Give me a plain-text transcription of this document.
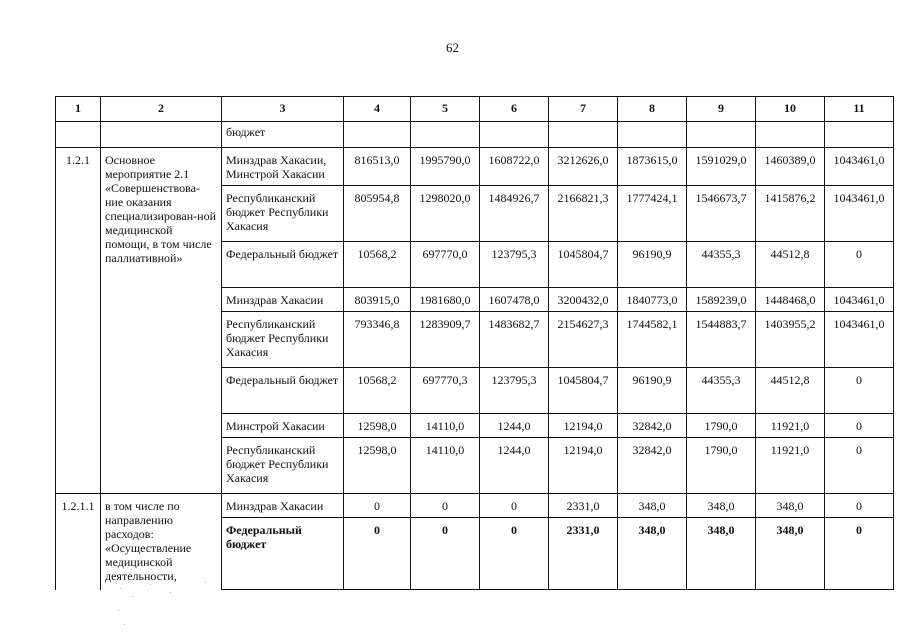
62
1	2	3	4	5	6	7	8	9	10	11
		бюджет								
1.2.1	Основное мероприятие 2.1 «Совершенствова-ние оказания специализирован-ной медицинской помощи, в том числе паллиативной»	Минздрав Хакасии, Минстрой Хакасии	816513,0	1995790,0	1608722,0	3212626,0	1873615,0	1591029,0	1460389,0	1043461,0
		Республиканский бюджет Республики Хакасия	805954,8	1298020,0	1484926,7	2166821,3	1777424,1	1546673,7	1415876,2	1043461,0
		Федеральный бюджет	10568,2	697770,0	123795,3	1045804,7	96190,9	44355,3	44512,8	0
		Минздрав Хакасии	803915,0	1981680,0	1607478,0	3200432,0	1840773,0	1589239,0	1448468,0	1043461,0
		Республиканский бюджет Республики Хакасия	793346,8	1283909,7	1483682,7	2154627,3	1744582,1	1544883,7	1403955,2	1043461,0
		Федеральный бюджет	10568,2	697770,3	123795,3	1045804,7	96190,9	44355,3	44512,8	0
		Минстрой Хакасии	12598,0	14110,0	1244,0	12194,0	32842,0	1790,0	11921,0	0
		Республиканский бюджет Республики Хакасия	12598,0	14110,0	1244,0	12194,0	32842,0	1790,0	11921,0	0
1.2.1.1	в том числе по направлению расходов: «Осуществление медицинской деятельности,	Минздрав Хакасии	0	0	0	2331,0	348,0	348,0	348,0	0
		Федеральный бюджет	0	0	0	2331,0	348,0	348,0	348,0	0
